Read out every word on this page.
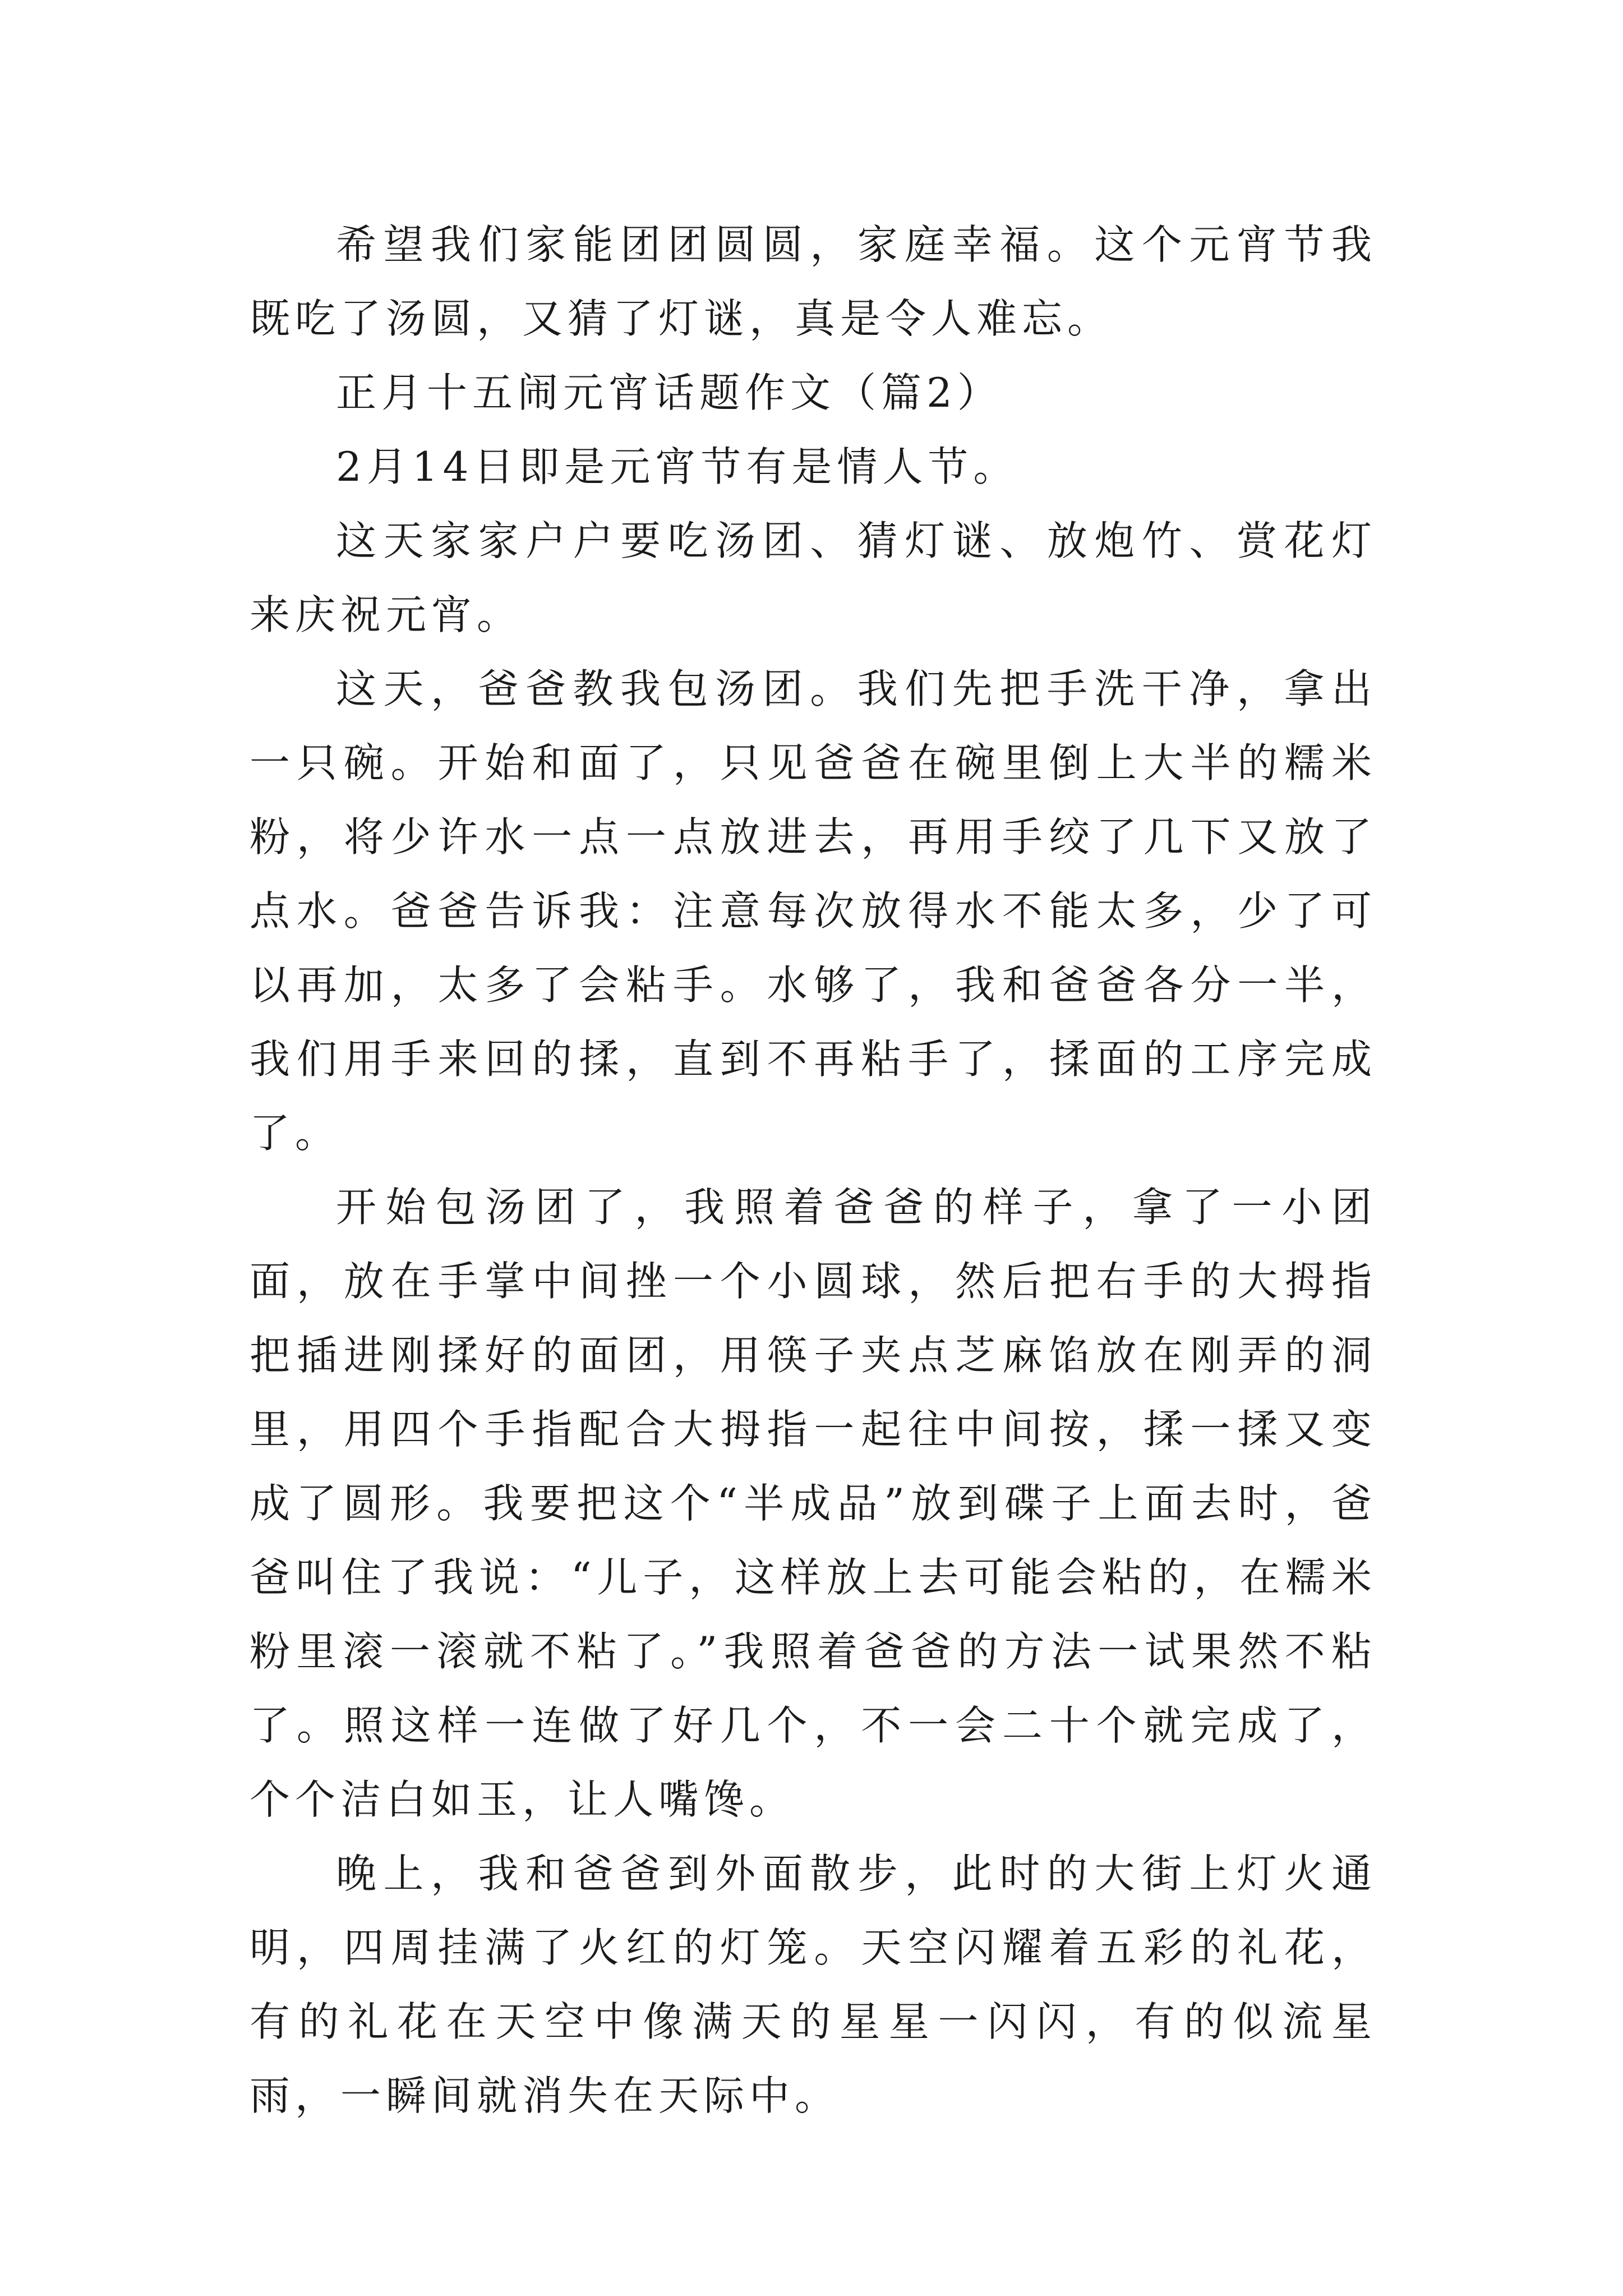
希望我们家能团团圆圆，家庭幸福。这个元宵节我既吃了汤圆，又猜了灯谜，真是令人难忘。

正月十五闹元宵话题作文（篇2）

2月14日即是元宵节有是情人节。

这天家家户户要吃汤团、猜灯谜、放炮竹、赏花灯来庆祝元宵。

这天，爸爸教我包汤团。我们先把手洗干净，拿出一只碗。开始和面了，只见爸爸在碗里倒上大半的糯米粉，将少许水一点一点放进去，再用手绞了几下又放了点水。爸爸告诉我：注意每次放得水不能太多，少了可以再加，太多了会粘手。水够了，我和爸爸各分一半，我们用手来回的揉，直到不再粘手了，揉面的工序完成了。

开始包汤团了，我照着爸爸的样子，拿了一小团面，放在手掌中间挫一个小圆球，然后把右手的大拇指把插进刚揉好的面团，用筷子夹点芝麻馅放在刚弄的洞里，用四个手指配合大拇指一起往中间按，揉一揉又变成了圆形。我要把这个“半成品”放到碟子上面去时，爸爸叫住了我说：“儿子，这样放上去可能会粘的，在糯米粉里滚一滚就不粘了。”我照着爸爸的方法一试果然不粘了。照这样一连做了好几个，不一会二十个就完成了，个个洁白如玉，让人嘴馋。

晚上，我和爸爸到外面散步，此时的大街上灯火通明，四周挂满了火红的灯笼。天空闪耀着五彩的礼花，有的礼花在天空中像满天的星星一闪闪，有的似流星雨，一瞬间就消失在天际中。
